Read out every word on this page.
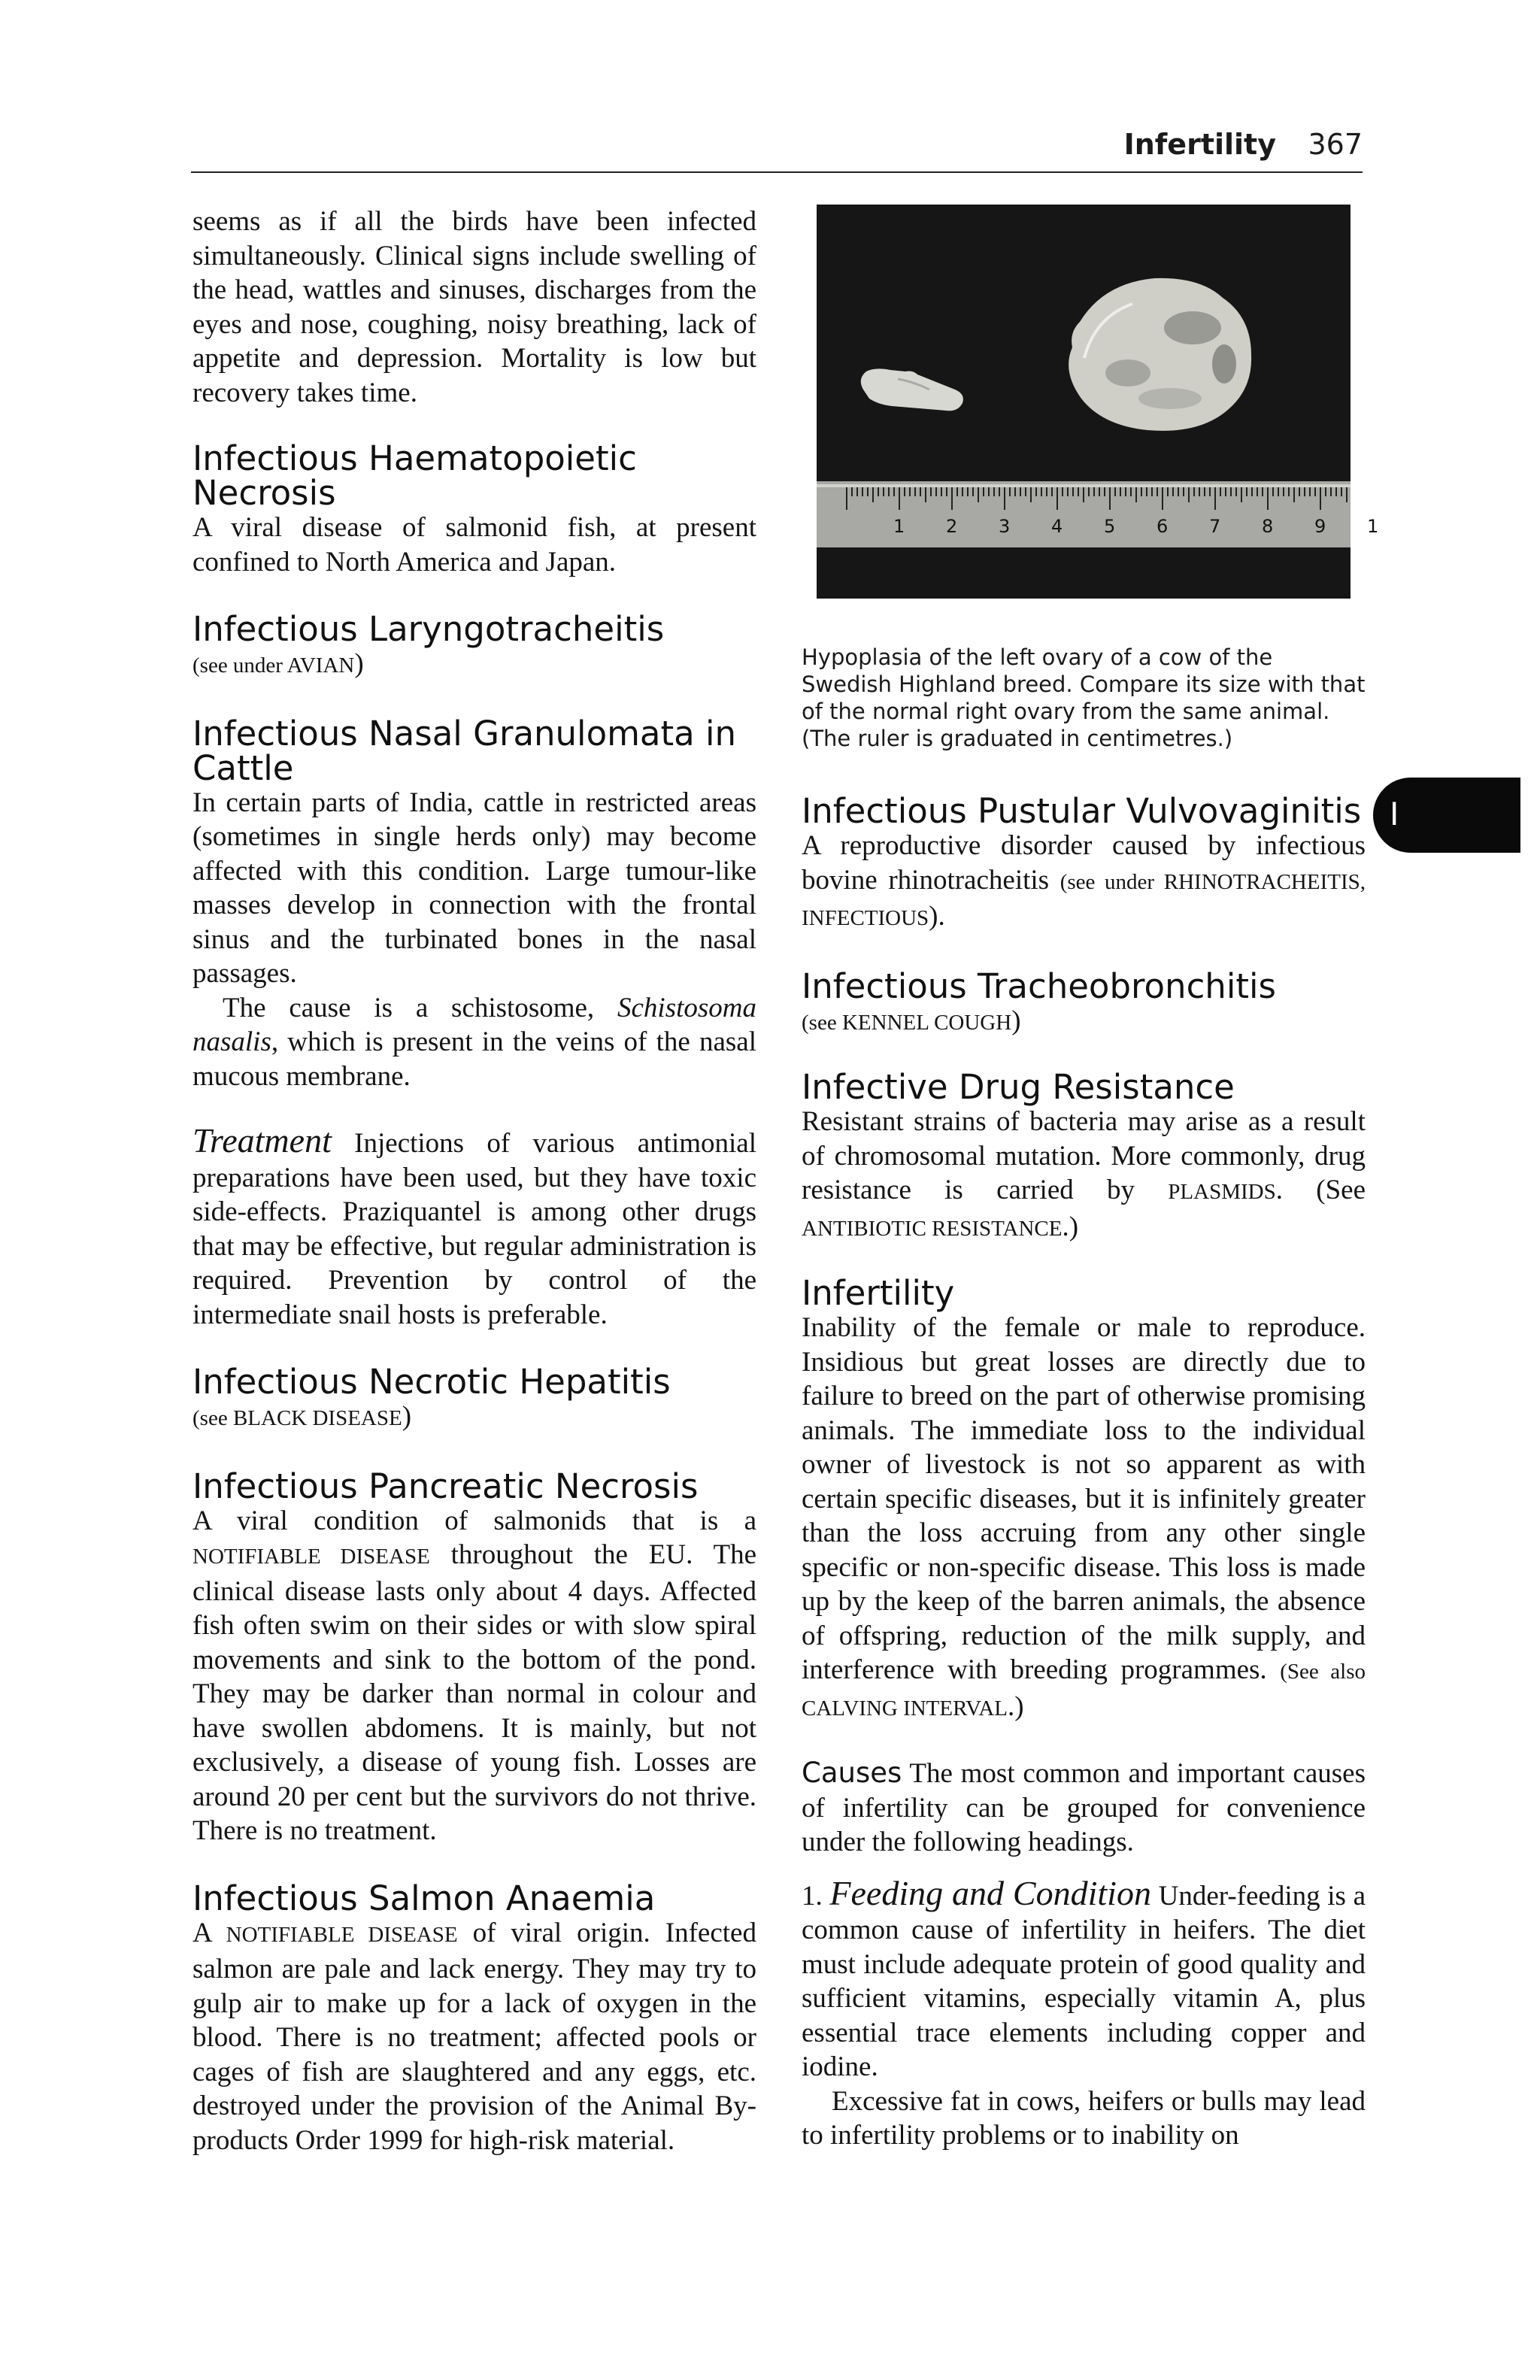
Infertility 367

seems as if all the birds have been infected simultaneously. Clinical signs include swelling of the head, wattles and sinuses, discharges from the eyes and nose, coughing, noisy breathing, lack of appetite and depression. Mortality is low but recovery takes time.

Infectious Haematopoietic Necrosis

A viral disease of salmonid fish, at present confined to North America and Japan.

Infectious Laryngotracheitis
(see under AVIAN)
Infectious Nasal Granulomata in Cattle

In certain parts of India, cattle in restricted areas (sometimes in single herds only) may become affected with this condition. Large tumour-like masses develop in connection with the frontal sinus and the turbinated bones in the nasal passages.

The cause is a schistosome, Schistosoma nasalis, which is present in the veins of the nasal mucous membrane.

Treatment Injections of various antimonial preparations have been used, but they have toxic side-effects. Praziquantel is among other drugs that may be effective, but regular administration is required. Prevention by control of the intermediate snail hosts is preferable.

Infectious Necrotic Hepatitis
(see BLACK DISEASE)
Infectious Pancreatic Necrosis

A viral condition of salmonids that is a NOTIFIABLE DISEASE throughout the EU. The clinical disease lasts only about 4 days. Affected fish often swim on their sides or with slow spiral movements and sink to the bottom of the pond. They may be darker than normal in colour and have swollen abdomens. It is mainly, but not exclusively, a disease of young fish. Losses are around 20 per cent but the survivors do not thrive. There is no treatment.

Infectious Salmon Anaemia

A NOTIFIABLE DISEASE of viral origin. Infected salmon are pale and lack energy. They may try to gulp air to make up for a lack of oxygen in the blood. There is no treatment; affected pools or cages of fish are slaughtered and any eggs, etc. destroyed under the provision of the Animal By-products Order 1999 for high-risk material.

1 2 3 4 5 6 7 8 9 1
Hypoplasia of the left ovary of a cow of the Swedish Highland breed. Compare its size with that of the normal right ovary from the same animal. (The ruler is graduated in centimetres.)
Infectious Pustular Vulvovaginitis

A reproductive disorder caused by infectious bovine rhinotracheitis (see under RHINOTRACHEITIS, INFECTIOUS).

Infectious Tracheobronchitis
(see KENNEL COUGH)
Infective Drug Resistance

Resistant strains of bacteria may arise as a result of chromosomal mutation. More commonly, drug resistance is carried by PLASMIDS. (See ANTIBIOTIC RESISTANCE.)

Infertility

Inability of the female or male to reproduce. Insidious but great losses are directly due to failure to breed on the part of otherwise promising animals. The immediate loss to the individual owner of livestock is not so apparent as with certain specific diseases, but it is infinitely greater than the loss accruing from any other single specific or non-specific disease. This loss is made up by the keep of the barren animals, the absence of offspring, reduction of the milk supply, and interference with breeding programmes. (See also CALVING INTERVAL.)

Causes The most common and important causes of infertility can be grouped for convenience under the following headings.

1. Feeding and Condition Under-feeding is a common cause of infertility in heifers. The diet must include adequate protein of good quality and sufficient vitamins, especially vitamin A, plus essential trace elements including copper and iodine.

Excessive fat in cows, heifers or bulls may lead to infertility problems or to inability on

I
